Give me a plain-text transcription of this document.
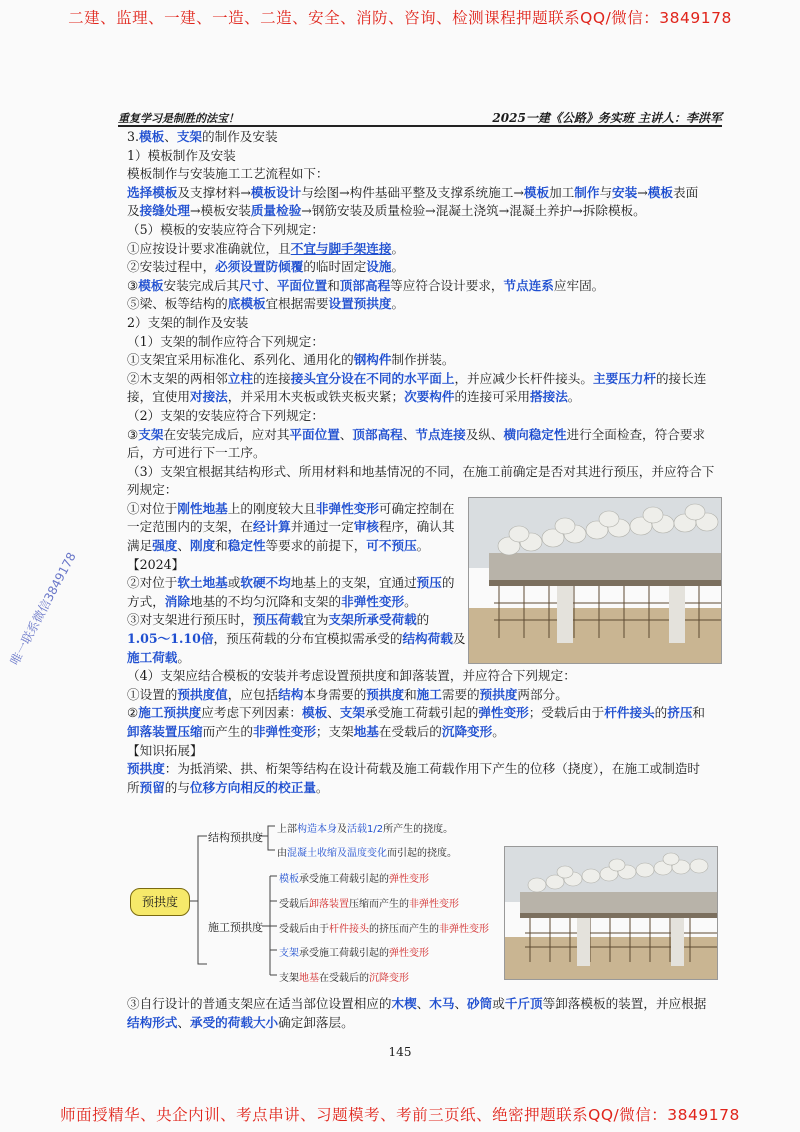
二建、监理、一建、一造、二造、安全、消防、咨询、检测课程押题联系QQ/微信：3849178
重复学习是制胜的法宝！	2025一建《公路》务实班 主讲人：李洪军
唯一联系微信3849178
3.模板、支架的制作及安装
1）模板制作及安装
模板制作与安装施工工艺流程如下：
选择模板及支撑材料→模板设计与绘图→构件基础平整及支撑系统施工→模板加工制作与安装→模板表面
及接缝处理→模板安装质量检验→钢筋安装及质量检验→混凝土浇筑→混凝土养护→拆除模板。
（5）模板的安装应符合下列规定：
①应按设计要求准确就位，且不宜与脚手架连接。
②安装过程中，必须设置防倾覆的临时固定设施。
③模板安装完成后其尺寸、平面位置和顶部高程等应符合设计要求，节点连系应牢固。
⑤梁、板等结构的底模板宜根据需要设置预拱度。
2）支架的制作及安装
（1）支架的制作应符合下列规定：
①支架宜采用标准化、系列化、通用化的钢构件制作拼装。
②木支架的两相邻立柱的连接接头宜分设在不同的水平面上，并应减少长杆件接头。主要压力杆的接长连
接，宜使用对接法，并采用木夹板或铁夹板夹紧；次要构件的连接可采用搭接法。
（2）支架的安装应符合下列规定：
③支架在安装完成后，应对其平面位置、顶部高程、节点连接及纵、横向稳定性进行全面检查，符合要求
后，方可进行下一工序。
（3）支架宜根据其结构形式、所用材料和地基情况的不同，在施工前确定是否对其进行预压，并应符合下
列规定：
①对位于刚性地基上的刚度较大且非弹性变形可确定控制在
一定范围内的支架，在经计算并通过一定审核程序，确认其
满足强度、刚度和稳定性等要求的前提下，可不预压。
【2024】
②对位于软土地基或软硬不均地基上的支架，宜通过预压的
方式，消除地基的不均匀沉降和支架的非弹性变形。
③对支架进行预压时，预压荷载宜为支架所承受荷载的
1.05～1.10倍，预压荷载的分布宜模拟需承受的结构荷载及
施工荷载。
（4）支架应结合模板的安装并考虑设置预拱度和卸落装置，并应符合下列规定：
①设置的预拱度值，应包括结构本身需要的预拱度和施工需要的预拱度两部分。
②施工预拱度应考虑下列因素：模板、支架承受施工荷载引起的弹性变形；受载后由于杆件接头的挤压和
卸落装置压缩而产生的非弹性变形；支架地基在受载后的沉降变形。
【知识拓展】
预拱度：为抵消梁、拱、桁架等结构在设计荷载及施工荷载作用下产生的位移（挠度），在施工或制造时
所预留的与位移方向相反的校正量。
③自行设计的普通支架应在适当部位设置相应的木楔、木马、砂筒或千斤顶等卸落模板的装置，并应根据
结构形式、承受的荷载大小确定卸落层。
预拱度
结构预拱度
施工预拱度
上部构造本身及活载1/2所产生的挠度。
由混凝土收缩及温度变化而引起的挠度。
模板承受施工荷载引起的弹性变形
受载后卸落装置压缩而产生的非弹性变形
受载后由于杆件接头的挤压而产生的非弹性变形
支架承受施工荷载引起的弹性变形
支架地基在受载后的沉降变形
145
师面授精华、央企内训、考点串讲、习题模考、考前三页纸、绝密押题联系QQ/微信：3849178
